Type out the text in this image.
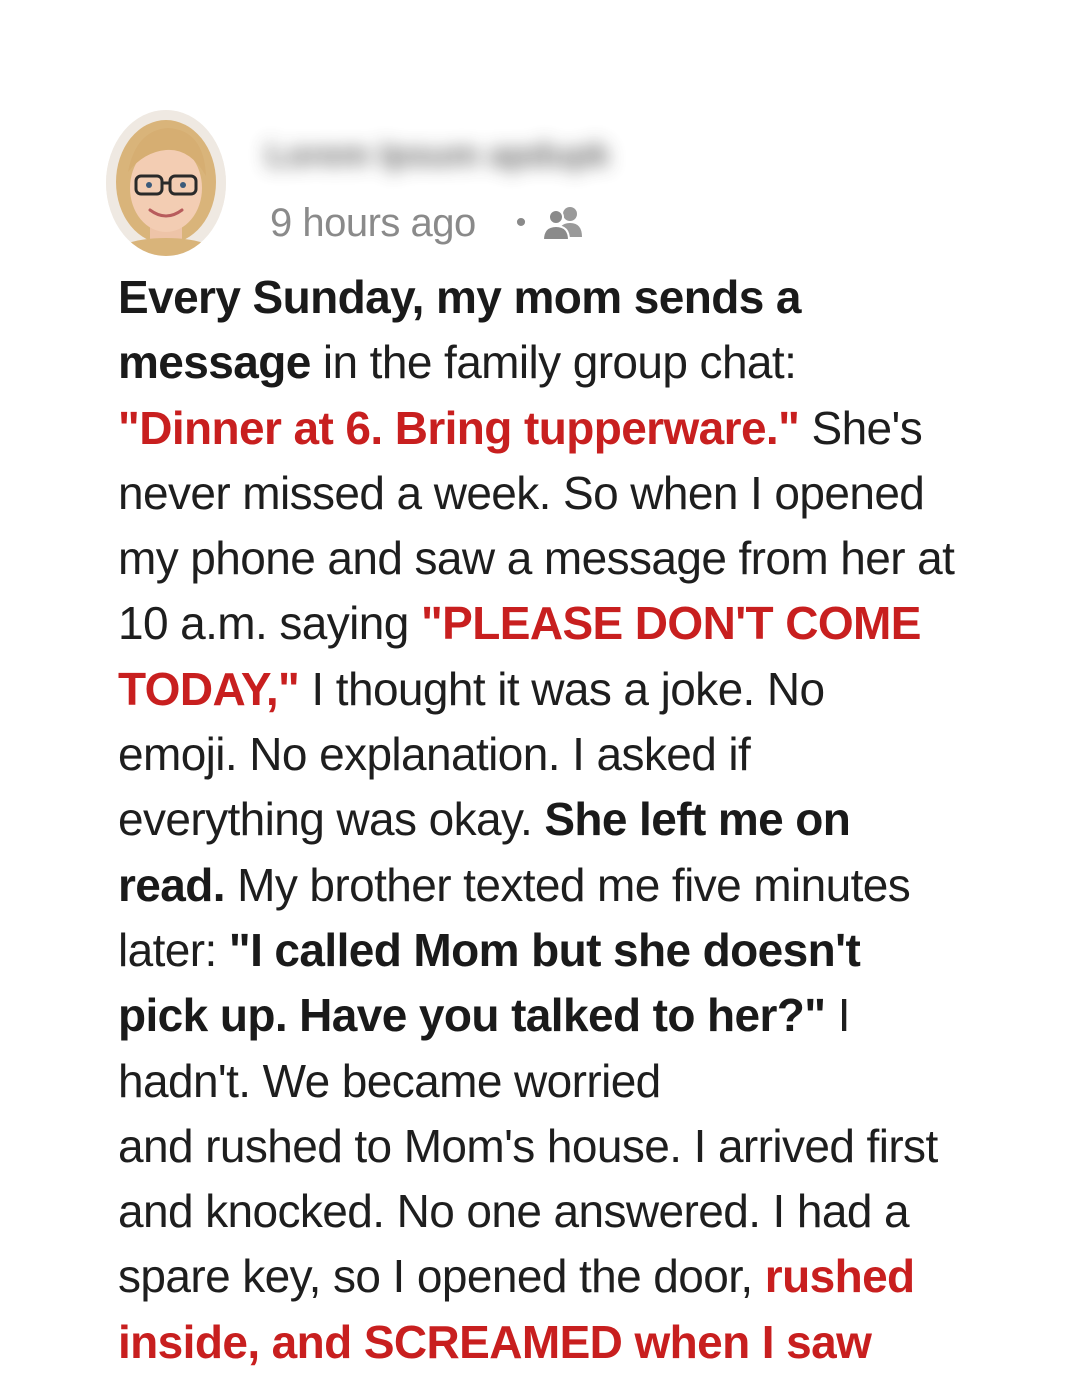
Lorem Ipsum apdupk
9 hours ago •
Every Sunday, my mom sends a
message in the family group chat:
"Dinner at 6. Bring tupperware." She's
never missed a week. So when I opened
my phone and saw a message from her at
10 a.m. saying "PLEASE DON'T COME
TODAY," I thought it was a joke. No
emoji. No explanation. I asked if
everything was okay. She left me on
read. My brother texted me five minutes
later: "I called Mom but she doesn't
pick up. Have you talked to her?" I
hadn't. We became worried
and rushed to Mom's house. I arrived first
and knocked. No one answered. I had a
spare key, so I opened the door, rushed
inside, and SCREAMED when I saw
